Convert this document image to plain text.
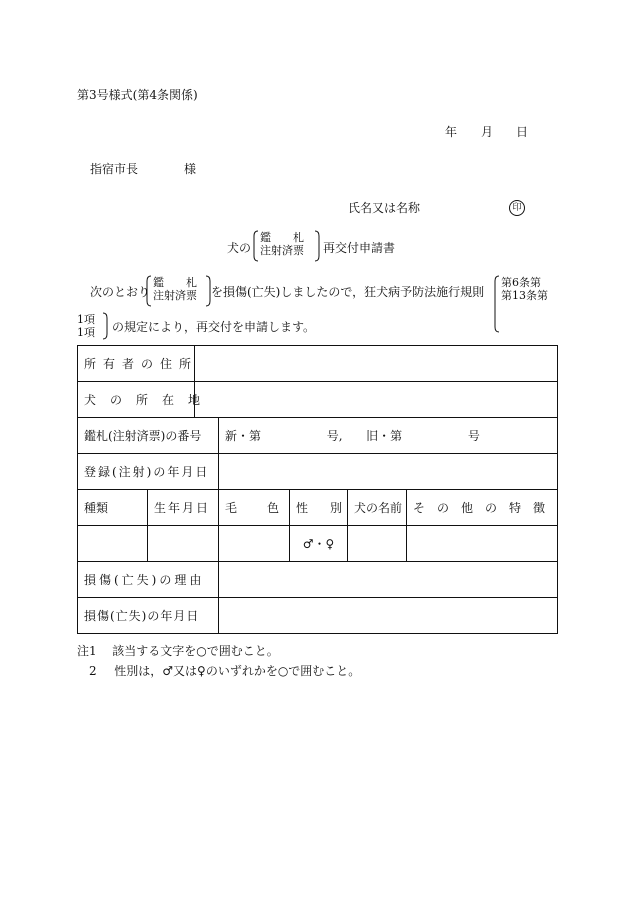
第3号様式(第4条関係)
年 月 日
指宿市長	様
氏名又は名称	印
犬の
鑑　　札
注射済票 再交付申請書
次のとおり
鑑　　札
注射済票 を損傷(亡失)しましたので，狂犬病予防法施行規則
第6条第
第13条第
1項
1項 の規定により，再交付を申請します。
所有者の住所						

犬の所在地						

鑑札(注射済票)の番号			新・第 号, 旧・第 号			
登録(注射)の年月日						

種類	生年月日		毛色	性別	犬の名前	その他の特徴
				♂・♀		
損傷(亡失)の理由						
損傷(亡失)の年月日						
注1 該当する文字を○で囲むこと。
2 性別は，♂又は♀のいずれかを○で囲むこと。
